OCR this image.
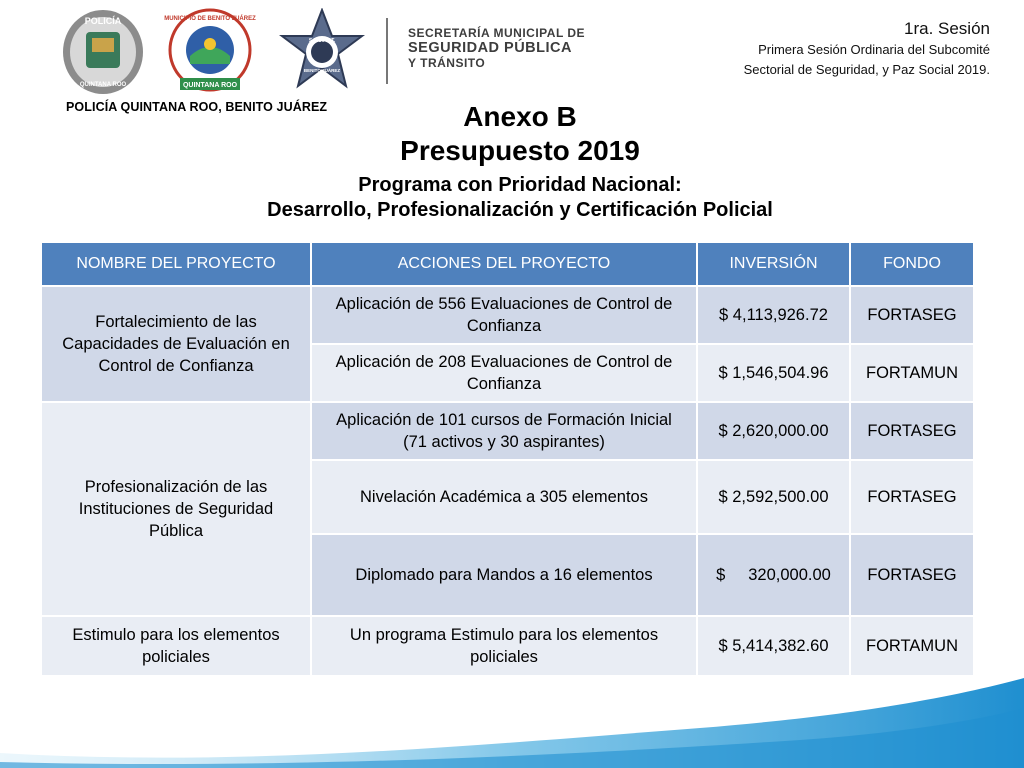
POLICÍA
QUINTANA ROO
MUNICIPIO DE BENITO JUÁREZ
QUINTANA ROO
S.E.S.P.Y.T.
BENITO JUÁREZ
SECRETARÍA MUNICIPAL DE
SEGURIDAD PÚBLICA
Y TRÁNSITO
1ra. Sesión
Primera Sesión Ordinaria del Subcomité
Sectorial de Seguridad, y Paz Social 2019.
POLICÍA QUINTANA ROO, BENITO JUÁREZ	Anexo B
Presupuesto 2019
Programa con Prioridad Nacional:
Desarrollo, Profesionalización y Certificación Policial
NOMBRE DEL PROYECTO	ACCIONES DEL PROYECTO	INVERSIÓN	FONDO
Fortalecimiento de las Capacidades de Evaluación en Control de Confianza	Aplicación de 556 Evaluaciones de Control de Confianza	$ 4,113,926.72	FORTASEG
	Aplicación de 208 Evaluaciones de Control de Confianza	$ 1,546,504.96	FORTAMUN
Profesionalización de las Instituciones de Seguridad Pública	Aplicación de 101 cursos de Formación Inicial (71 activos y 30 aspirantes)	$ 2,620,000.00	FORTASEG
	Nivelación Académica a 305 elementos	$ 2,592,500.00	FORTASEG
	Diplomado para Mandos a 16 elementos	$     320,000.00	FORTASEG
Estimulo para los elementos policiales	Un programa Estimulo para los elementos policiales	$ 5,414,382.60	FORTAMUN
